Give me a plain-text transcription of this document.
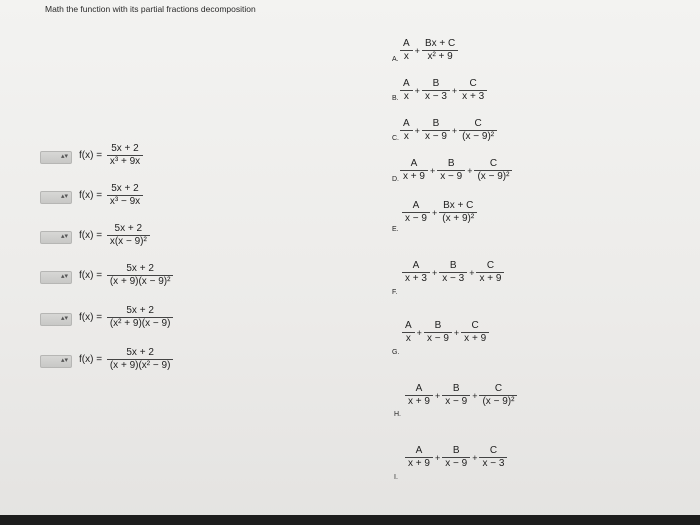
Math the function with its partial fractions decomposition
▴▾ $f(x) = \frac{5x + 2}{\text{x³ + 9x}}$
▴▾ $f(x) = \frac{5x + 2}{\text{x³ − 9x}}$
▴▾ $f(x) = \frac{5x + 2}{\text{x(x − 9)²}}$
▴▾ $f(x) = \frac{5x + 2}{\text{(x + 9)(x − 9)²}}$
▴▾ $f(x) = \frac{5x + 2}{\text{(x² + 9)(x − 9)}}$
▴▾ $f(x) = \frac{5x + 2}{\text{(x + 9)(x² − 9)}}$
A. $\frac{A}{x} + \frac{Bx + C}{\text{x² + 9}}$
B. $\frac{A}{x} + \frac{B}{x - 3} + \frac{C}{x + 3}$
C. $\frac{A}{x} + \frac{B}{x - 9} + \frac{C}{\text{(x − 9)²}}$
D. $\frac{A}{x + 9} + \frac{B}{x - 9} + \frac{C}{\text{(x − 9)²}}$
E.
$\frac{A}{x - 9} + \frac{Bx + C}{\text{(x + 9)²}}$
F.
$\frac{A}{x + 3} + \frac{B}{x - 3} + \frac{C}{x + 9}$
G.
$\frac{A}{x} + \frac{B}{x - 9} + \frac{C}{x + 9}$
H.
$\frac{A}{x + 9} + \frac{B}{x - 9} + \frac{C}{\text{(x − 9)²}}$
I.
$\frac{A}{x + 9} + \frac{B}{x - 9} + \frac{C}{x - 3}$
